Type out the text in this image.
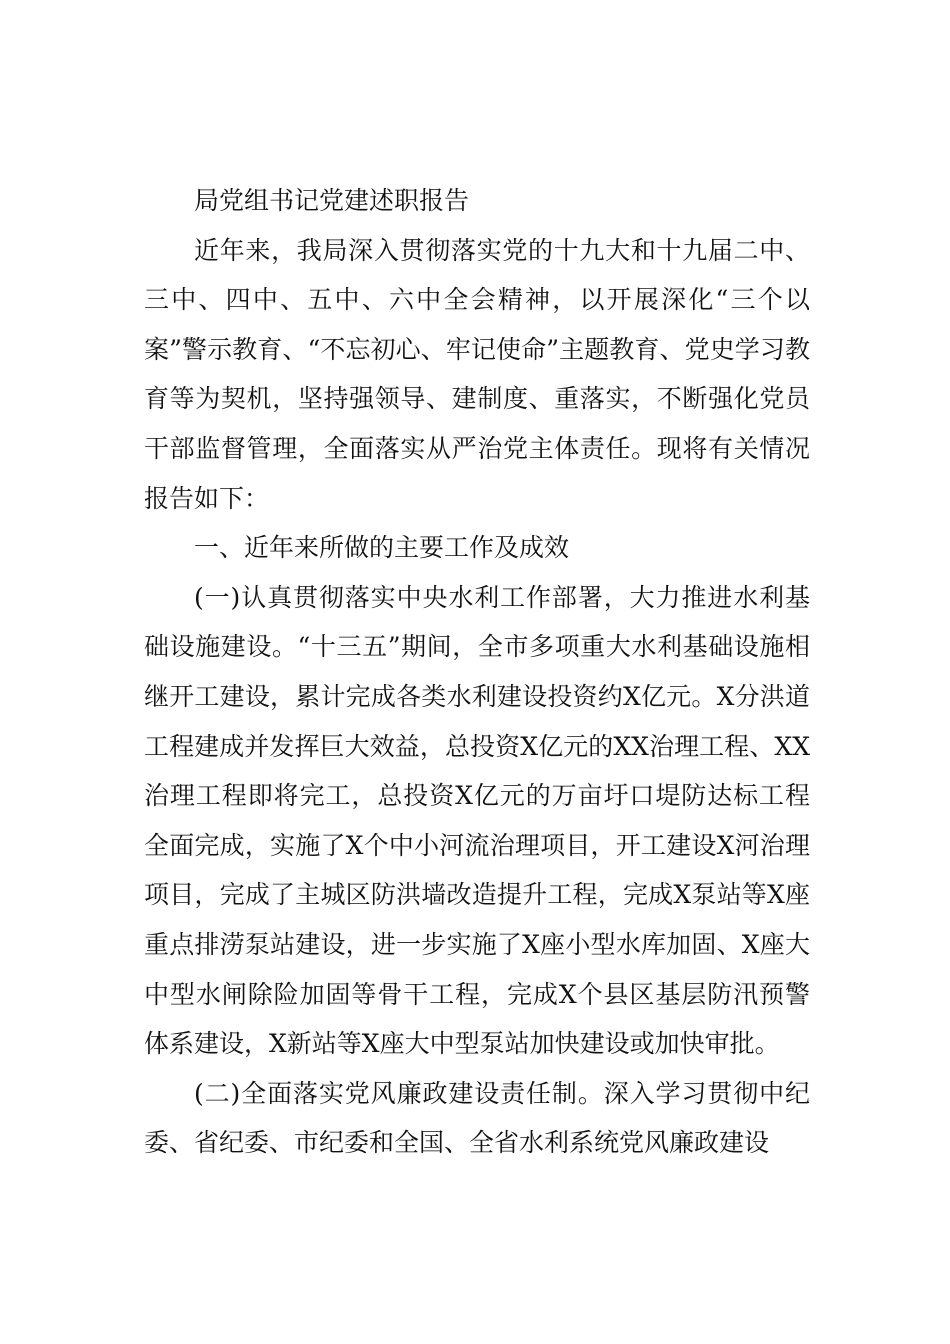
局党组书记党建述职报告

近年来，我局深入贯彻落实党的十九大和十九届二中、三中、四中、五中、六中全会精神，以开展深化“三个以案”警示教育、“不忘初心、牢记使命”主题教育、党史学习教育等为契机，坚持强领导、建制度、重落实，不断强化党员干部监督管理，全面落实从严治党主体责任。现将有关情况报告如下：

一、近年来所做的主要工作及成效

(一)认真贯彻落实中央水利工作部署，大力推进水利基础设施建设。“十三五”期间，全市多项重大水利基础设施相继开工建设，累计完成各类水利建设投资约X亿元。X分洪道工程建成并发挥巨大效益，总投资X亿元的XX治理工程、XX治理工程即将完工，总投资X亿元的万亩圩口堤防达标工程全面完成，实施了X个中小河流治理项目，开工建设X河治理项目，完成了主城区防洪墙改造提升工程，完成X泵站等X座重点排涝泵站建设，进一步实施了X座小型水库加固、X座大中型水闸除险加固等骨干工程，完成X个县区基层防汛预警体系建设，X新站等X座大中型泵站加快建设或加快审批。

(二)全面落实党风廉政建设责任制。深入学习贯彻中纪委、省纪委、市纪委和全国、全省水利系统党风廉政建设
